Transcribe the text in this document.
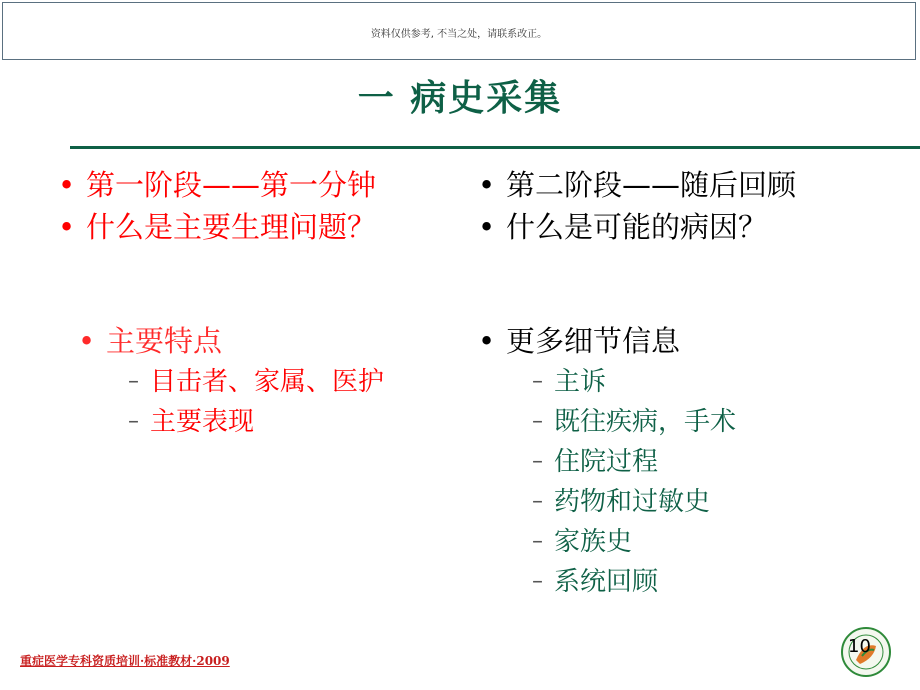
资料仅供参考, 不当之处，请联系改正。
一 病史采集
• 第一阶段——第一分钟
• 什么是主要生理问题？
• 主要特点
– 目击者、家属、医护
– 主要表现
• 第二阶段——随后回顾
• 什么是可能的病因？
• 更多细节信息
– 主诉
– 既往疾病，手术
– 住院过程
– 药物和过敏史
– 家族史
– 系统回顾
重症医学专科资质培训·标准教材·2009
10
